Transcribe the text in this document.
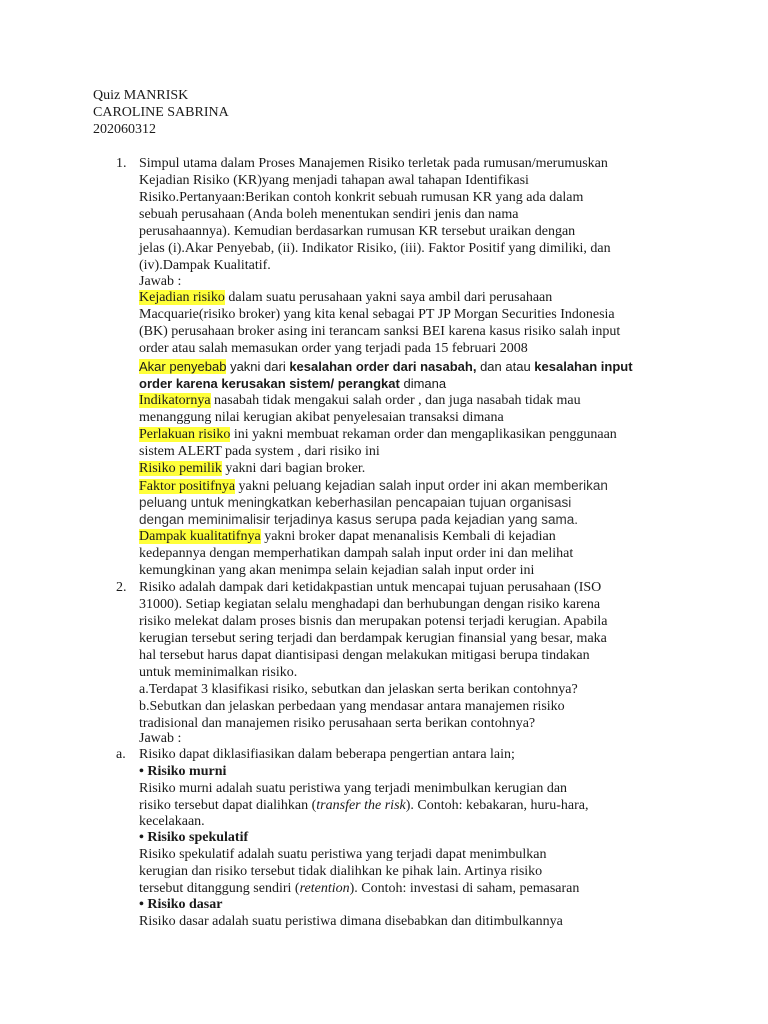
Quiz MANRISK
CAROLINE SABRINA
202060312
1. Simpul utama dalam Proses Manajemen Risiko terletak pada rumusan/merumuskan
Kejadian Risiko (KR)yang menjadi tahapan awal tahapan Identifikasi
Risiko.Pertanyaan:Berikan contoh konkrit sebuah rumusan KR yang ada dalam
sebuah perusahaan (Anda boleh menentukan sendiri jenis dan nama
perusahaannya). Kemudian berdasarkan rumusan KR tersebut uraikan dengan
jelas (i).Akar Penyebab, (ii). Indikator Risiko, (iii). Faktor Positif yang dimiliki, dan
(iv).Dampak Kualitatif.
Jawab :
Kejadian risiko dalam suatu perusahaan yakni saya ambil dari perusahaan
Macquarie(risiko broker) yang kita kenal sebagai PT JP Morgan Securities Indonesia
(BK) perusahaan broker asing ini terancam sanksi BEI karena kasus risiko salah input
order atau salah memasukan order yang terjadi pada 15 februari 2008
Akar penyebab yakni dari kesalahan order dari nasabah, dan atau kesalahan input
order karena kerusakan sistem/ perangkat dimana
Indikatornya nasabah tidak mengakui salah order , dan juga nasabah tidak mau
menanggung nilai kerugian akibat penyelesaian transaksi dimana
Perlakuan risiko ini yakni membuat rekaman order dan mengaplikasikan penggunaan
sistem ALERT pada system , dari risiko ini
Risiko pemilik yakni dari bagian broker.
Faktor positifnya yakni peluang kejadian salah input order ini akan memberikan
peluang untuk meningkatkan keberhasilan pencapaian tujuan organisasi
dengan meminimalisir terjadinya kasus serupa pada kejadian yang sama.
Dampak kualitatifnya yakni broker dapat menanalisis Kembali di kejadian
kedepannya dengan memperhatikan dampah salah input order ini dan melihat
kemungkinan yang akan menimpa selain kejadian salah input order ini
2. Risiko adalah dampak dari ketidakpastian untuk mencapai tujuan perusahaan (ISO
31000). Setiap kegiatan selalu menghadapi dan berhubungan dengan risiko karena
risiko melekat dalam proses bisnis dan merupakan potensi terjadi kerugian. Apabila
kerugian tersebut sering terjadi dan berdampak kerugian finansial yang besar, maka
hal tersebut harus dapat diantisipasi dengan melakukan mitigasi berupa tindakan
untuk meminimalkan risiko.
a.Terdapat 3 klasifikasi risiko, sebutkan dan jelaskan serta berikan contohnya?
b.Sebutkan dan jelaskan perbedaan yang mendasar antara manajemen risiko
tradisional dan manajemen risiko perusahaan serta berikan contohnya?
Jawab :
a. Risiko dapat diklasifiasikan dalam beberapa pengertian antara lain;
• Risiko murni
Risiko murni adalah suatu peristiwa yang terjadi menimbulkan kerugian dan
risiko tersebut dapat dialihkan (transfer the risk). Contoh: kebakaran, huru-hara,
kecelakaan.
• Risiko spekulatif
Risiko spekulatif adalah suatu peristiwa yang terjadi dapat menimbulkan
kerugian dan risiko tersebut tidak dialihkan ke pihak lain. Artinya risiko
tersebut ditanggung sendiri (retention). Contoh: investasi di saham, pemasaran
• Risiko dasar
Risiko dasar adalah suatu peristiwa dimana disebabkan dan ditimbulkannya
